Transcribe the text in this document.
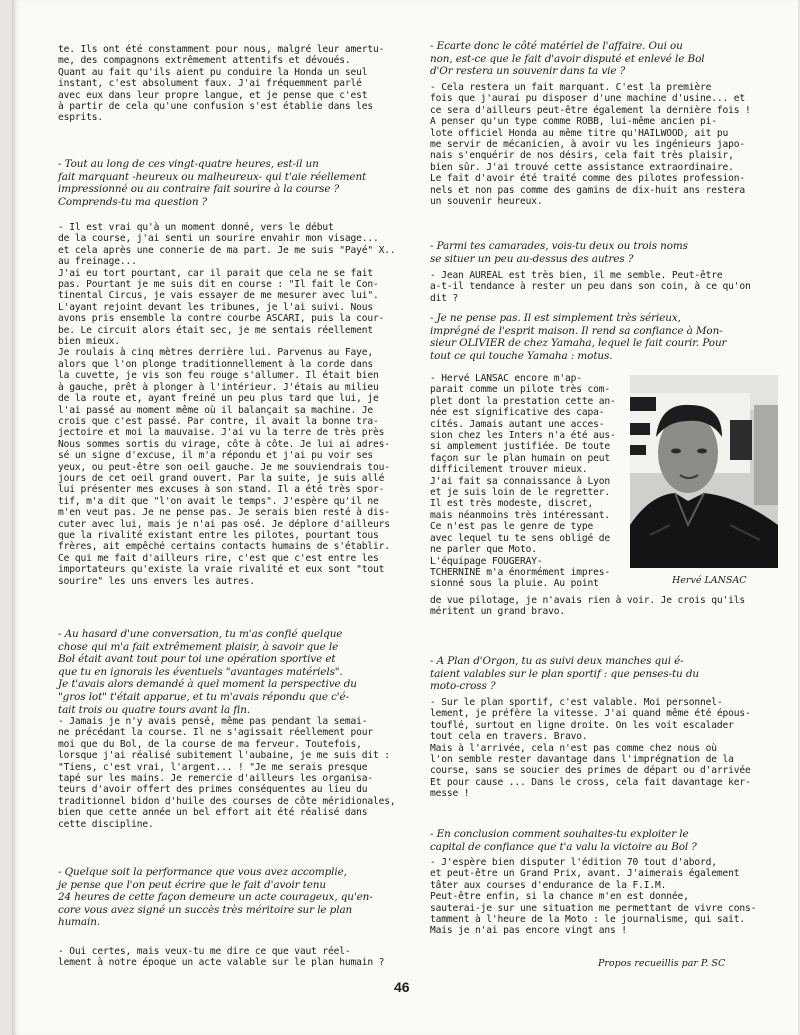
te. Ils ont été constamment pour nous, malgré leur amertu-
me, des compagnons extrêmement attentifs et dévoués.
Quant au fait qu'ils aient pu conduire la Honda un seul
instant, c'est absolument faux. J'ai fréquemment parlé
avec eux dans leur propre langue, et je pense que c'est
à partir de cela qu'une confusion s'est établie dans les
esprits.

- Tout au long de ces vingt-quatre heures, est-il un
fait marquant -heureux ou malheureux- qui t'aie réellement
impressionné ou au contraire fait sourire à la course ?
Comprends-tu ma question ?

- Il est vrai qu'à un moment donné, vers le début
de la course, j'ai senti un sourire envahir mon visage...
et cela après une connerie de ma part. Je me suis "Payé" X..
au freinage...
J'ai eu tort pourtant, car il parait que cela ne se fait
pas. Pourtant je me suis dit en course : "Il fait le Con-
tinental Circus, je vais essayer de me mesurer avec lui".
L'ayant rejoint devant les tribunes, je l'ai suivi. Nous
avons pris ensemble la contre courbe ASCARI, puis la cour-
be. Le circuit alors était sec, je me sentais réellement
bien mieux.
Je roulais à cinq mètres derrière lui. Parvenus au Faye,
alors que l'on plonge traditionnellement à la corde dans
la cuvette, je vis son feu rouge s'allumer. Il était bien
à gauche, prêt à plonger à l'intérieur. J'étais au milieu
de la route et, ayant freiné un peu plus tard que lui, je
l'ai passé au moment même où il balançait sa machine. Je
crois que c'est passé. Par contre, il avait la bonne tra-
jectoire et moi la mauvaise. J'ai vu la terre de très près
Nous sommes sortis du virage, côte à côte. Je lui ai adres-
sé un signe d'excuse, il m'a répondu et j'ai pu voir ses
yeux, ou peut-être son oeil gauche. Je me souviendrais tou-
jours de cet oeil grand ouvert. Par la suite, je suis allé
lui présenter mes excuses à son stand. Il a été très spor-
tif, m'a dit que "l'on avait le temps". J'espère qu'il ne
m'en veut pas. Je ne pense pas. Je serais bien resté à dis-
cuter avec lui, mais je n'ai pas osé. Je déplore d'ailleurs
que la rivalité existant entre les pilotes, pourtant tous
frères, ait empêché certains contacts humains de s'établir.
Ce qui me fait d'ailleurs rire, c'est que c'est entre les
importateurs qu'existe la vraie rivalité et eux sont "tout
sourire" les uns envers les autres.

- Au hasard d'une conversation, tu m'as confié quelque
chose qui m'a fait extrêmement plaisir, à savoir que le
Bol était avant tout pour toi une opération sportive et
que tu en ignorais les éventuels "avantages matériels".
Je t'avais alors demandé à quel moment la perspective du
"gros lot" t'était apparue, et tu m'avais répondu que c'é-
tait trois ou quatre tours avant la fin.

- Jamais je n'y avais pensé, même pas pendant la semai-
ne précédant la course. Il ne s'agissait réellement pour
moi que du Bol, de la course de ma ferveur. Toutefois,
lorsque j'ai réalisé subitement l'aubaine, je me suis dit :
"Tiens, c'est vrai, l'argent... ! "Je me serais presque
tapé sur les mains. Je remercie d'ailleurs les organisa-
teurs d'avoir offert des primes conséquentes au lieu du
traditionnel bidon d'huile des courses de côte méridionales,
bien que cette année un bel effort ait été réalisé dans
cette discipline.

- Quelque soit la performance que vous avez accomplie,
je pense que l'on peut écrire que le fait d'avoir tenu
24 heures de cette façon demeure un acte courageux, qu'en-
core vous avez signé un succès très méritoire sur le plan
humain.

- Oui certes, mais veux-tu me dire ce que vaut réel-
lement à notre époque un acte valable sur le plan humain ?

- Ecarte donc le côté matériel de l'affaire. Oui ou
non, est-ce que le fait d'avoir disputé et enlevé le Bol
d'Or restera un souvenir dans ta vie ?

- Cela restera un fait marquant. C'est la première
fois que j'aurai pu disposer d'une machine d'usine... et
ce sera d'ailleurs peut-être également la dernière fois !
A penser qu'un type comme ROBB, lui-même ancien pi-
lote officiel Honda au même titre qu'HAILWOOD, ait pu
me servir de mécanicien, à avoir vu les ingénieurs japo-
nais s'enquérir de nos désirs, cela fait très plaisir,
bien sûr. J'ai trouvé cette assistance extraordinaire.
Le fait d'avoir été traité comme des pilotes profession-
nels et non pas comme des gamins de dix-huit ans restera
un souvenir heureux.

- Parmi tes camarades, vois-tu deux ou trois noms
se situer un peu au-dessus des autres ?

- Jean AUREAL est très bien, il me semble. Peut-être
a-t-il tendance à rester un peu dans son coin, à ce qu'on
dit ?

- Je ne pense pas. Il est simplement très sérieux,
imprégné de l'esprit maison. Il rend sa confiance à Mon-
sieur OLIVIER de chez Yamaha, lequel le fait courir. Pour
tout ce qui touche Yamaha : motus.

- Hervé LANSAC encore m'ap-
parait comme un pilote très com-
plet dont la prestation cette an-
née est significative des capa-
cités. Jamais autant une acces-
sion chez les Inters n'a été aus-
si amplement justifiée. De toute
façon sur le plan humain on peut
difficilement trouver mieux.
J'ai fait sa connaissance à Lyon
et je suis loin de le regretter.
Il est très modeste, discret,
mais néanmoins très intéressant.
Ce n'est pas le genre de type
avec lequel tu te sens obligé de
ne parler que Moto.
L'équipage FOUGERAY-
TCHERNINE m'a énormément impres-
sionné sous la pluie. Au point	Hervé LANSAC

de vue pilotage, je n'avais rien à voir. Je crois qu'ils
méritent un grand bravo.

- A Plan d'Orgon, tu as suivi deux manches qui é-
taient valables sur le plan sportif : que penses-tu du
moto-cross ?

- Sur le plan sportif, c'est valable. Moi personnel-
lement, je préfère la vitesse. J'ai quand même été épous-
touflé, surtout en ligne droite. On les voit escalader
tout cela en travers. Bravo.
Mais à l'arrivée, cela n'est pas comme chez nous où
l'on semble rester davantage dans l'imprégnation de la
course, sans se soucier des primes de départ ou d'arrivée
Et pour cause ... Dans le cross, cela fait davantage ker-
messe !

- En conclusion comment souhaites-tu exploiter le
capital de confiance que t'a valu la victoire au Bol ?

- J'espère bien disputer l'édition 70 tout d'abord,
et peut-être un Grand Prix, avant. J'aimerais également
tâter aux courses d'endurance de la F.I.M.
Peut-être enfin, si la chance m'en est donnée,
sauterai-je sur une situation me permettant de vivre cons-
tamment à l'heure de la Moto : le journalisme, qui sait.
Mais je n'ai pas encore vingt ans !

Propos recueillis par P. SC
46
